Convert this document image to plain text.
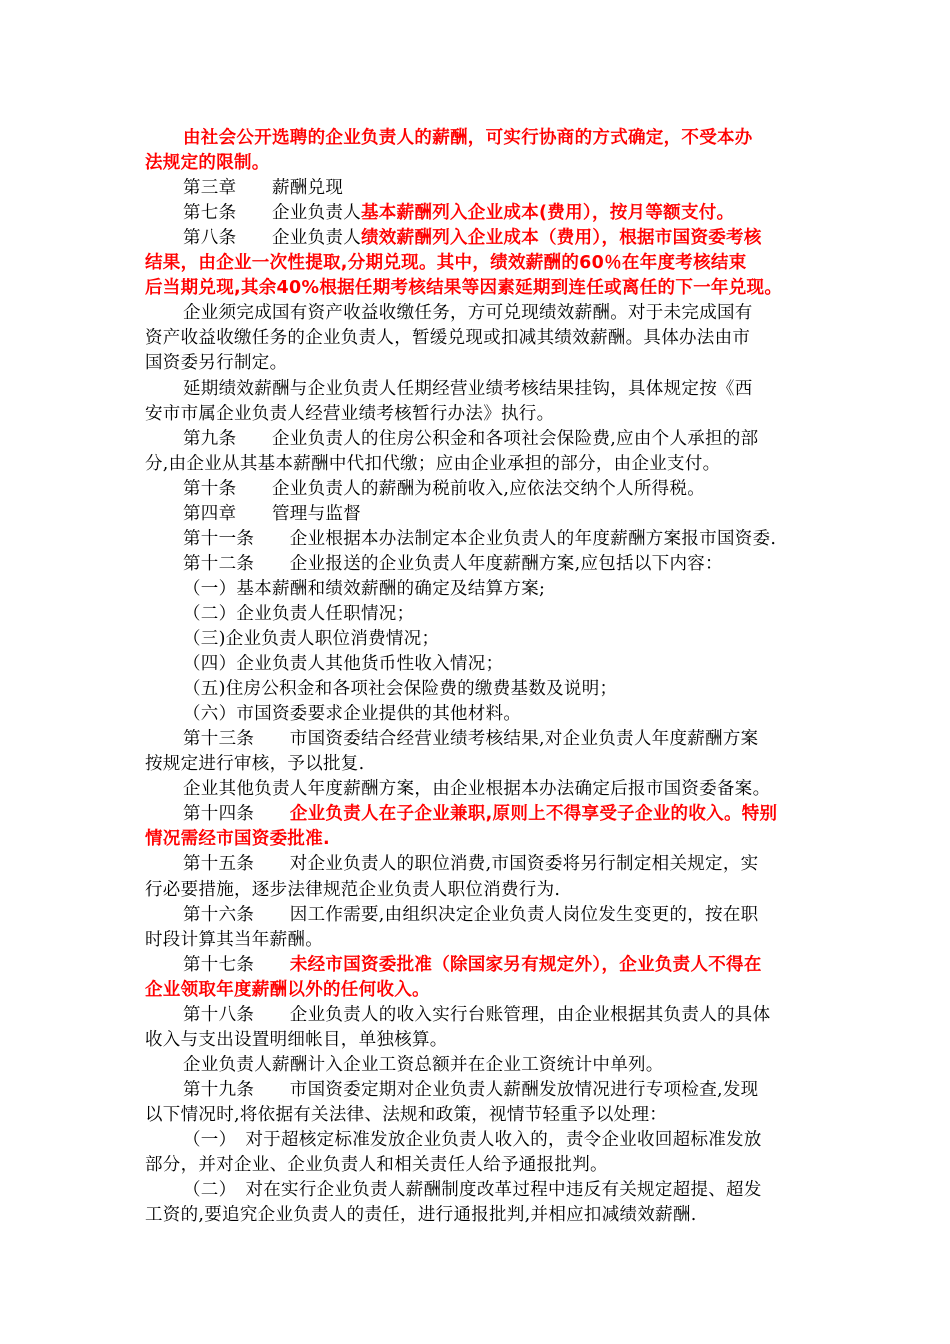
由社会公开选聘的企业负责人的薪酬，可实行协商的方式确定，不受本办
法规定的限制。
第三章　　薪酬兑现
第七条　　企业负责人基本薪酬列入企业成本(费用），按月等额支付。
第八条　　企业负责人绩效薪酬列入企业成本（费用），根据市国资委考核
结果，由企业一次性提取,分期兑现。其中，绩效薪酬的60％在年度考核结束
后当期兑现,其余40%根据任期考核结果等因素延期到连任或离任的下一年兑现。
企业须完成国有资产收益收缴任务，方可兑现绩效薪酬。对于未完成国有
资产收益收缴任务的企业负责人，暂缓兑现或扣减其绩效薪酬。具体办法由市
国资委另行制定。
延期绩效薪酬与企业负责人任期经营业绩考核结果挂钩，具体规定按《西
安市市属企业负责人经营业绩考核暂行办法》执行。
第九条　　企业负责人的住房公积金和各项社会保险费,应由个人承担的部
分,由企业从其基本薪酬中代扣代缴；应由企业承担的部分，由企业支付。
第十条　　企业负责人的薪酬为税前收入,应依法交纳个人所得税。
第四章　　管理与监督
第十一条　　企业根据本办法制定本企业负责人的年度薪酬方案报市国资委.
第十二条　　企业报送的企业负责人年度薪酬方案,应包括以下内容：
（一）基本薪酬和绩效薪酬的确定及结算方案;
（二）企业负责人任职情况；
（三)企业负责人职位消费情况；
（四）企业负责人其他货币性收入情况；
（五)住房公积金和各项社会保险费的缴费基数及说明；
（六）市国资委要求企业提供的其他材料。
第十三条　　市国资委结合经营业绩考核结果,对企业负责人年度薪酬方案
按规定进行审核，予以批复.
企业其他负责人年度薪酬方案，由企业根据本办法确定后报市国资委备案。
第十四条　　企业负责人在子企业兼职,原则上不得享受子企业的收入。特别
情况需经市国资委批准.
第十五条　　对企业负责人的职位消费,市国资委将另行制定相关规定，实
行必要措施，逐步法律规范企业负责人职位消费行为.
第十六条　　因工作需要,由组织决定企业负责人岗位发生变更的，按在职
时段计算其当年薪酬。
第十七条　　未经市国资委批准（除国家另有规定外），企业负责人不得在
企业领取年度薪酬以外的任何收入。
第十八条　　企业负责人的收入实行台账管理，由企业根据其负责人的具体
收入与支出设置明细帐目，单独核算。
企业负责人薪酬计入企业工资总额并在企业工资统计中单列。
第十九条　　市国资委定期对企业负责人薪酬发放情况进行专项检查,发现
以下情况时,将依据有关法律、法规和政策，视情节轻重予以处理：
（一）　对于超核定标准发放企业负责人收入的，责令企业收回超标准发放
部分，并对企业、企业负责人和相关责任人给予通报批判。
（二）　对在实行企业负责人薪酬制度改革过程中违反有关规定超提、超发
工资的,要追究企业负责人的责任，进行通报批判,并相应扣减绩效薪酬.
